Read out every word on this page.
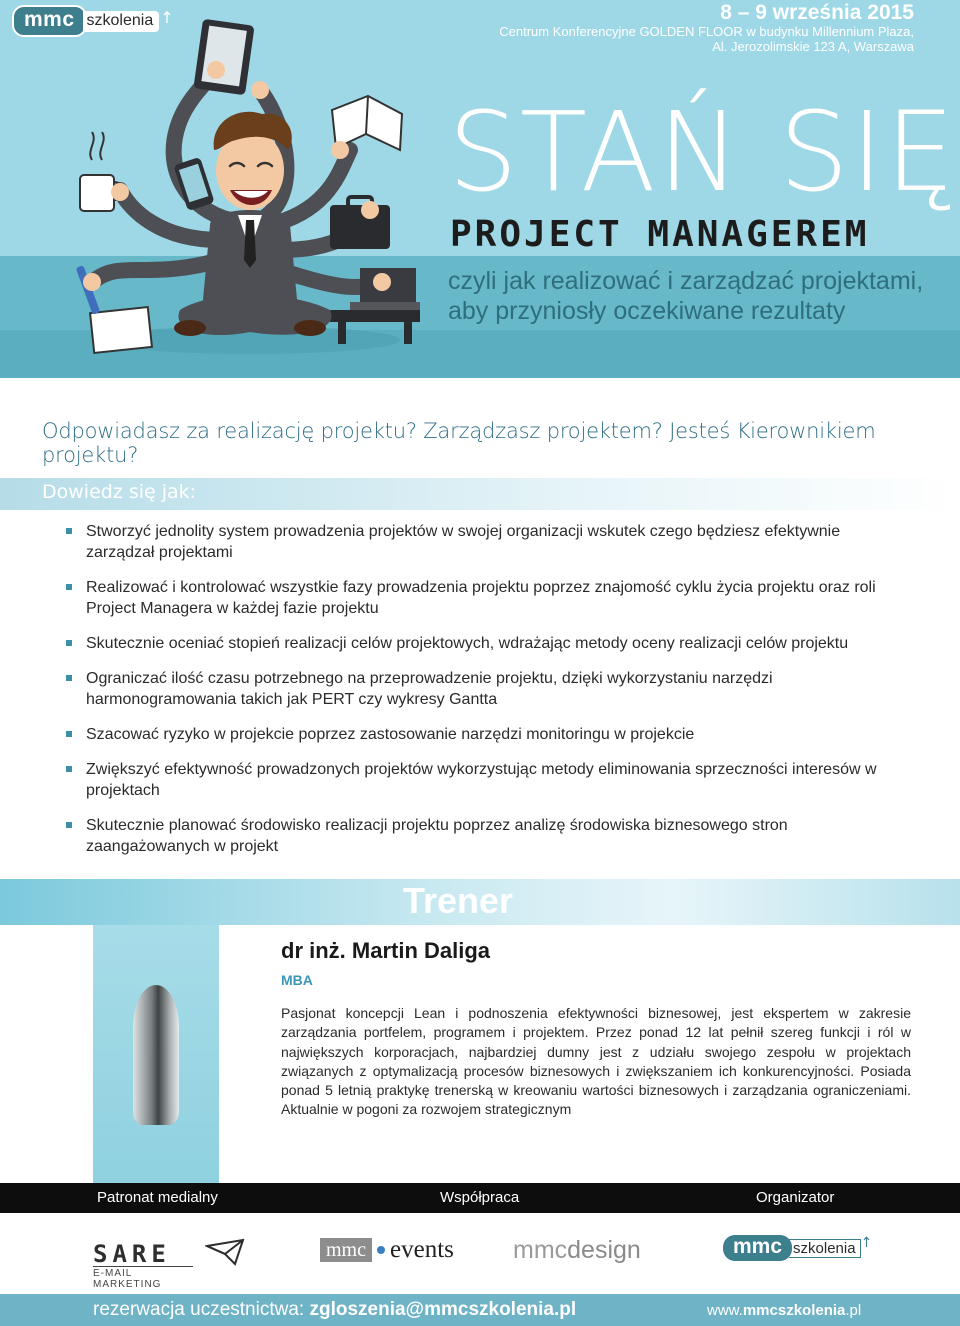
mmc szkolenia ↑	8 – 9 września 2015
Centrum Konferencyjne GOLDEN FLOOR w budynku Millennium Plaza,
Al. Jerozolimskie 123 A, Warszawa
STAŃ SIĘ
PROJECT MANAGEREM
czyli jak realizować i zarządzać projektami,
aby przyniosły oczekiwane rezultaty
Odpowiadasz za realizację projektu? Zarządzasz projektem? Jesteś Kierownikiem projektu?
Dowiedz się jak:
Stworzyć jednolity system prowadzenia projektów w swojej organizacji wskutek czego będziesz efektywnie zarządzał projektami
Realizować i kontrolować wszystkie fazy prowadzenia projektu poprzez znajomość cyklu życia projektu oraz roli Project Managera w każdej fazie projektu
Skutecznie oceniać stopień realizacji celów projektowych, wdrażając metody oceny realizacji celów projektu
Ograniczać ilość czasu potrzebnego na przeprowadzenie projektu, dzięki wykorzystaniu narzędzi harmonogramowania takich jak PERT czy wykresy Gantta
Szacować ryzyko w projekcie poprzez zastosowanie narzędzi monitoringu w projekcie
Zwiększyć efektywność prowadzonych projektów wykorzystując metody eliminowania sprzeczności interesów w projektach
Skutecznie planować środowisko realizacji projektu poprzez analizę środowiska biznesowego stron zaangażowanych w projekt
Trener
dr inż. Martin Daliga
MBA
Pasjonat koncepcji Lean i podnoszenia efektywności biznesowej, jest ekspertem w zakresie zarządzania portfelem, programem i projektem. Przez ponad 12 lat pełnił szereg funkcji i ról w największych korporacjach, najbardziej dumny jest z udziału swojego zespołu w projektach związanych z optymalizacją procesów biznesowych i zwiększaniem ich konkurencyjności. Posiada ponad 5 letnią praktykę trenerską w kreowaniu wartości biznesowych i zarządzania ograniczeniami. Aktualnie w pogoni za rozwojem strategicznym
Patronat medialny	Współpraca	Organizator
SARE
E-MAIL MARKETING
mmc events mmcdesign	mmc szkolenia ↑
rezerwacja uczestnictwa: zgloszenia@mmcszkolenia.pl	www.mmcszkolenia.pl
